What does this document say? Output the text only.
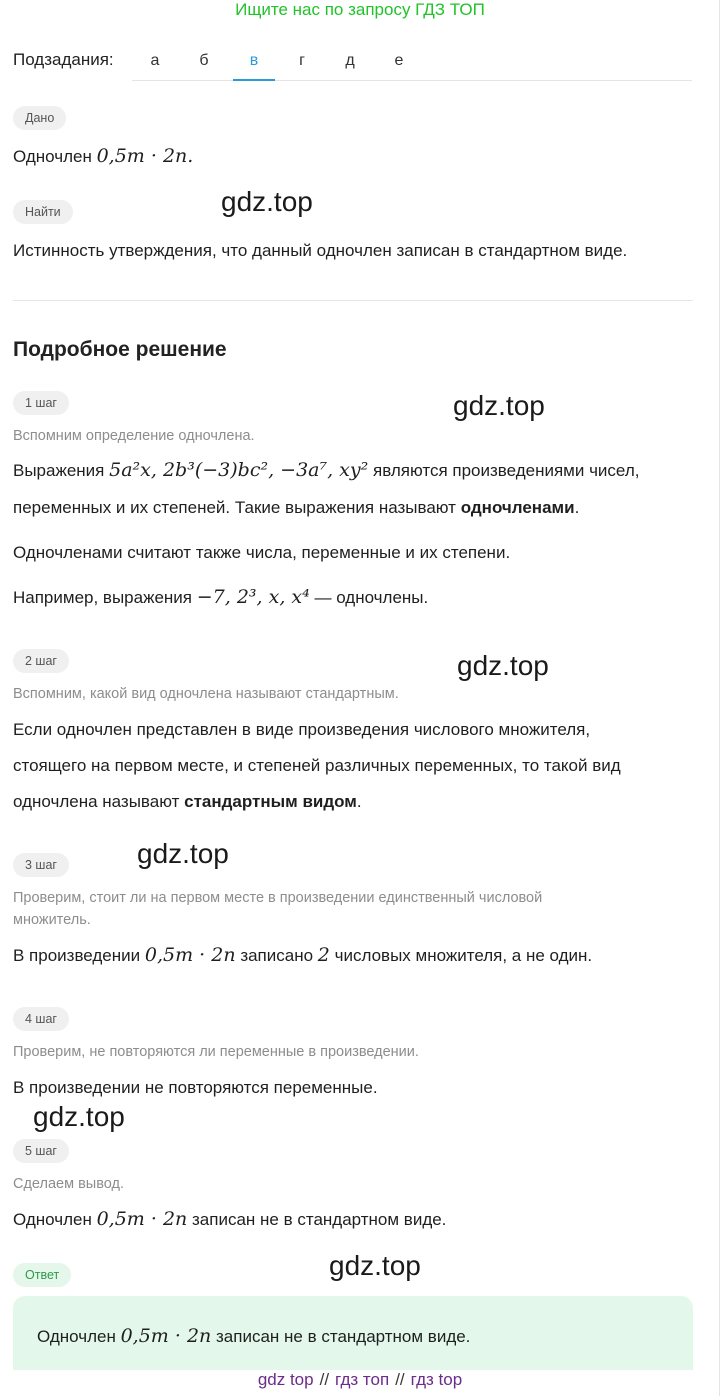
Ищите нас по запросу ГДЗ ТОП
Подзадания:	а	б	в	г	д	е
Дано
Одночлен 0,5m · 2n.
Найти	gdz.top
Истинность утверждения, что данный одночлен записан в стандартном виде.
Подробное решение
1 шаг	gdz.top
Вспомним определение одночлена.
Выражения 5a²x, 2b³(−3)bc², −3a⁷, xy² являются произведениями чисел,
переменных и их степеней. Такие выражения называют одночленами.
Одночленами считают также числа, переменные и их степени.
Например, выражения −7, 2³, x, x⁴ — одночлены.
2 шаг	gdz.top
Вспомним, какой вид одночлена называют стандартным.
Если одночлен представлен в виде произведения числового множителя,
стоящего на первом месте, и степеней различных переменных, то такой вид
одночлена называют стандартным видом.
3 шаг	gdz.top
Проверим, стоит ли на первом месте в произведении единственный числовой
множитель.
В произведении 0,5m · 2n записано 2 числовых множителя, а не один.
4 шаг
Проверим, не повторяются ли переменные в произведении.
В произведении не повторяются переменные.
gdz.top
5 шаг
Сделаем вывод.
Одночлен 0,5m · 2n записан не в стандартном виде.
Ответ	gdz.top
Одночлен 0,5m · 2n записан не в стандартном виде.
gdz top // гдз топ // гдз top
